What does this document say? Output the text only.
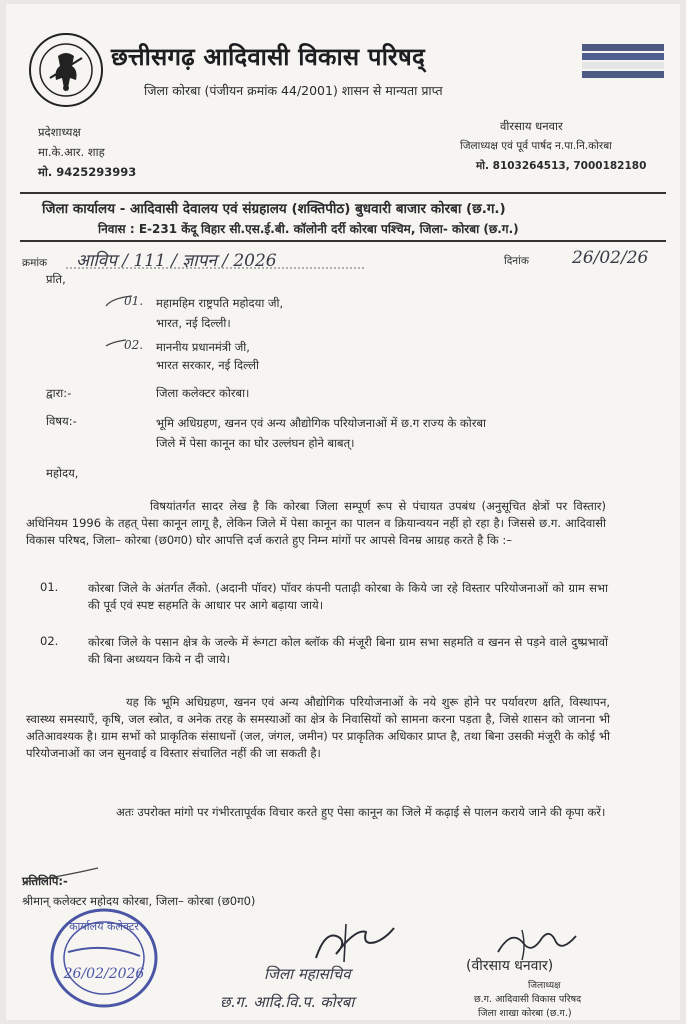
छत्तीसगढ़ आदिवासी विकास परिषद्
जिला कोरबा (पंजीयन क्रमांक 44/2001) शासन से मान्यता प्राप्त
प्रदेशाध्यक्ष
मा.के.आर. शाह
मो. 9425293993
वीरसाय धनवार
जिलाध्यक्ष एवं पूर्व पार्षद न.पा.नि.कोरबा
मो. 8103264513, 7000182180
जिला कार्यालय - आदिवासी देवालय एवं संग्रहालय (शक्तिपीठ) बुधवारी बाजार कोरबा (छ.ग.)
निवास : E-231 केंदू विहार सी.एस.ई.बी. कॉलोनी दर्री कोरबा पश्चिम, जिला- कोरबा (छ.ग.)
क्रमांक आविप / 111 / ज्ञापन / 2026	दिनांक	26/02/26
प्रति,
01. महामहिम राष्ट्रपति महोदया जी,
भारत, नई दिल्ली।
02. माननीय प्रधानमंत्री जी,
भारत सरकार, नई दिल्ली
द्वारा:-	जिला कलेक्टर कोरबा।
विषय:-	भूमि अधिग्रहण, खनन एवं अन्य औद्योगिक परियोजनाओं में छ.ग राज्य के कोरबा
जिले में पेसा कानून का घोर उल्लंघन होने बाबत्।
महोदय,
विषयांतर्गत सादर लेख है कि कोरबा जिला सम्पूर्ण रूप से पंचायत उपबंध (अनुसूचित क्षेत्रों पर विस्तार) अधिनियम 1996 के तहत् पेसा कानून लागू है, लेकिन जिले में पेसा कानून का पालन व क्रियान्वयन नहीं हो रहा है। जिससे छ.ग. आदिवासी विकास परिषद, जिला– कोरबा (छ0ग0) घोर आपत्ति दर्ज कराते हुए निम्न मांगों पर आपसे विनम्र आग्रह करते है कि :–
01.	कोरबा जिले के अंतर्गत लैंको. (अदानी पॉवर) पॉवर कंपनी पताढ़ी कोरबा के किये जा रहे विस्तार परियोजनाओं को ग्राम सभा की पूर्व एवं स्पष्ट सहमति के आधार पर आगे बढ़ाया जाये।
02.	कोरबा जिले के पसान क्षेत्र के जल्के में रूंगटा कोल ब्लॉक की मंजूरी बिना ग्राम सभा सहमति व खनन से पड़ने वाले दुष्प्रभावों की बिना अध्ययन किये न दी जाये।
यह कि भूमि अधिग्रहण, खनन एवं अन्य औद्योगिक परियोजनाओं के नये शुरू होने पर पर्यावरण क्षति, विस्थापन, स्वास्थ्य समस्याएँ, कृषि, जल स्त्रोत, व अनेक तरह के समस्याओं का क्षेत्र के निवासियों को सामना करना पड़ता है, जिसे शासन को जानना भी अतिआवश्यक है। ग्राम सभों को प्राकृतिक संसाधनों (जल, जंगल, जमीन) पर प्राकृतिक अधिकार प्राप्त है, तथा बिना उसकी मंजूरी के कोई भी परियोजनाओं का जन सुनवाई व विस्तार संचालित नहीं की जा सकती है।
अतः उपरोक्त मांगो पर गंभीरतापूर्वक विचार करते हुए पेसा कानून का जिले में कढ़ाई से पालन कराये जाने की कृपा करें।
प्रतिलिपि:-
श्रीमान् कलेक्टर महोदय कोरबा, जिला– कोरबा (छ0ग0)
कार्यालय कलेक्टर
26/02/2026	जिला महासचिव
छ.ग. आदि.वि.प. कोरबा
(वीरसाय धनवार)
जिलाध्यक्ष
छ.ग. आदिवासी विकास परिषद
जिला शाखा कोरबा (छ.ग.)
